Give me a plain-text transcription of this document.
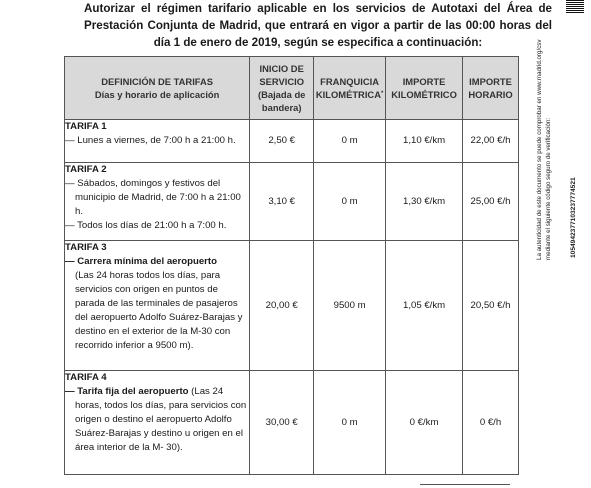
Autorizar el régimen tarifario aplicable en los servicios de Autotaxi del Área de Prestación Conjunta de Madrid, que entrará en vigor a partir de las 00:00 horas del día 1 de enero de 2019, según se especifica a continuación:
DEFINICIÓN DE TARIFAS
Días y horario de aplicación	INICIO DE SERVICIO (Bajada de bandera)	FRANQUICIA KILOMÉTRICA*	IMPORTE KILOMÉTRICO	IMPORTE HORARIO

TARIFA 1
— Lunes a viernes, de 7:00 h a 21:00 h.	2,50 €	0 m	1,10 €/km	22,00 €/h

TARIFA 2
— Sábados, domingos y festivos del municipio de Madrid, de 7:00 h a 21:00 h.
— Todos los días de 21:00 h a 7:00 h.	3,10 €	0 m	1,30 €/km	25,00 €/h

TARIFA 3
— Carrera mínima del aeropuerto
(Las 24 horas todos los días, para servicios con origen en puntos de parada de las terminales de pasajeros del aeropuerto Adolfo Suárez-Barajas y destino en el exterior de la M-30 con recorrido inferior a 9500 m).	20,00 €	9500 m	1,05 €/km	20,50 €/h

TARIFA 4
— Tarifa fija del aeropuerto (Las 24 horas, todos los días, para servicios con origen o destino el aeropuerto Adolfo Suárez-Barajas y destino u origen en el área interior de la M- 30).	30,00 €	0 m	0 €/km	0 €/h
La autenticidad de este documento se puede comprobar en www.madrid.org/csv mediante el siguiente código seguro de verificación:	1054942377103237774521
